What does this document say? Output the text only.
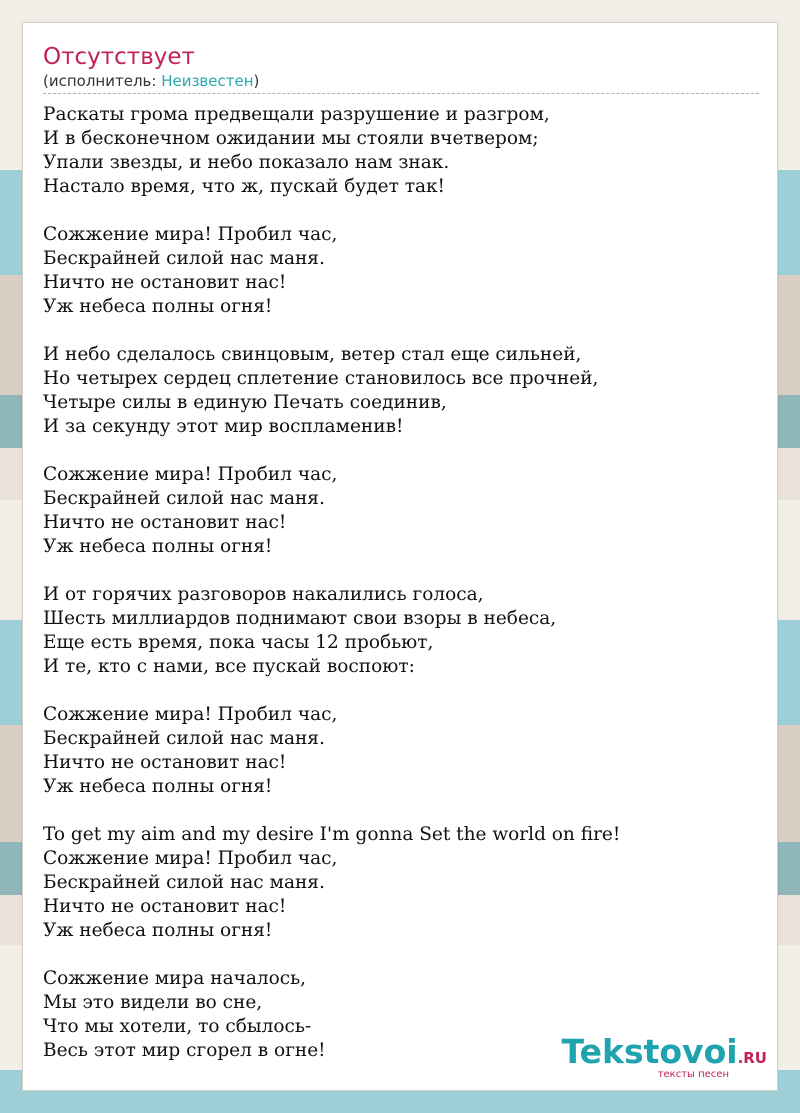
Отсутствует
(исполнитель: Неизвестен)
Раскаты грома предвещали разрушение и разгром,
И в бесконечном ожидании мы стояли вчетвером;
Упали звезды, и небо показало нам знак.
Настало время, что ж, пускай будет так!
Сожжение мира! Пробил час,
Бескрайней силой нас маня.
Ничто не остановит нас!
Уж небеса полны огня!
И небо сделалось свинцовым, ветер стал еще сильней,
Но четырех сердец сплетение становилось все прочней,
Четыре силы в единую Печать соединив,
И за секунду этот мир воспламенив!
Сожжение мира! Пробил час,
Бескрайней силой нас маня.
Ничто не остановит нас!
Уж небеса полны огня!
И от горячих разговоров накалились голоса,
Шесть миллиардов поднимают свои взоры в небеса,
Еще есть время, пока часы 12 пробьют,
И те, кто с нами, все пускай воспоют:
Сожжение мира! Пробил час,
Бескрайней силой нас маня.
Ничто не остановит нас!
Уж небеса полны огня!
To get my aim and my desire I'm gonna Set the world on fire!
Сожжение мира! Пробил час,
Бескрайней силой нас маня.
Ничто не остановит нас!
Уж небеса полны огня!
Сожжение мира началось,
Мы это видели во сне,
Что мы хотели, то сбылось-
Весь этот мир сгорел в огне!	Tekstovoi.RU
тексты песен
